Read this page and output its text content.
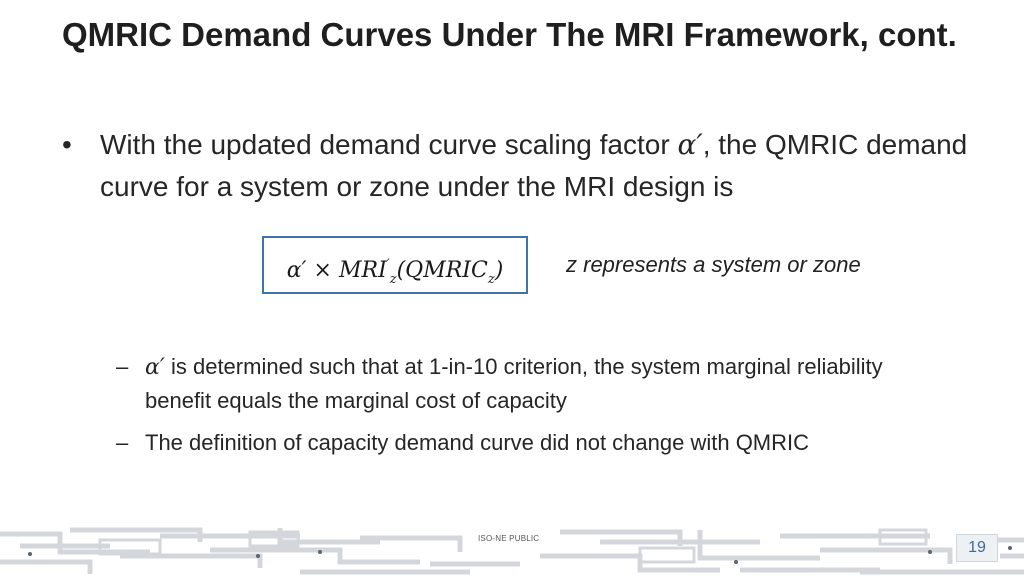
QMRIC Demand Curves Under The MRI Framework, cont.
• With the updated demand curve scaling factor α′, the QMRIC demand curve for a system or zone under the MRI design is
$\alpha' \times MRI'_z(QMRIC_z)$	z represents a system or zone
– α′ is determined such that at 1-in-10 criterion, the system marginal reliability benefit equals the marginal cost of capacity
– The definition of capacity demand curve did not change with QMRIC
ISO-NE PUBLIC
19
